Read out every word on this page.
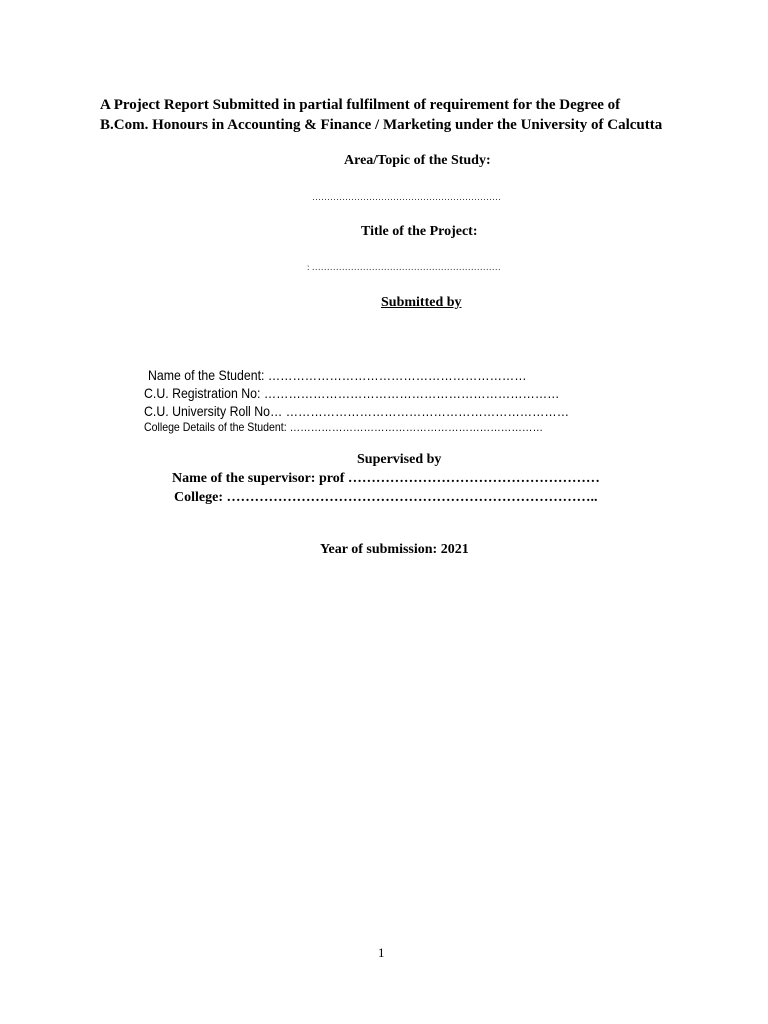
A Project Report Submitted in partial fulfilment of requirement for the Degree of
B.Com. Honours in Accounting & Finance / Marketing under the University of Calcutta
Area/Topic of the Study:
………………………………………………………
Title of the Project:
: ………………………………………………………
Submitted by
Name of the Student: ………………………………………………………
C.U. Registration No: ………………………………………………………………
C.U. University Roll No… ……………………………………………………………
College Details of the Student: ………………………………………………………………
Supervised by
Name of the supervisor: prof ………………………………………………
College: ……………………………………………………………………..
Year of submission: 2021
1
